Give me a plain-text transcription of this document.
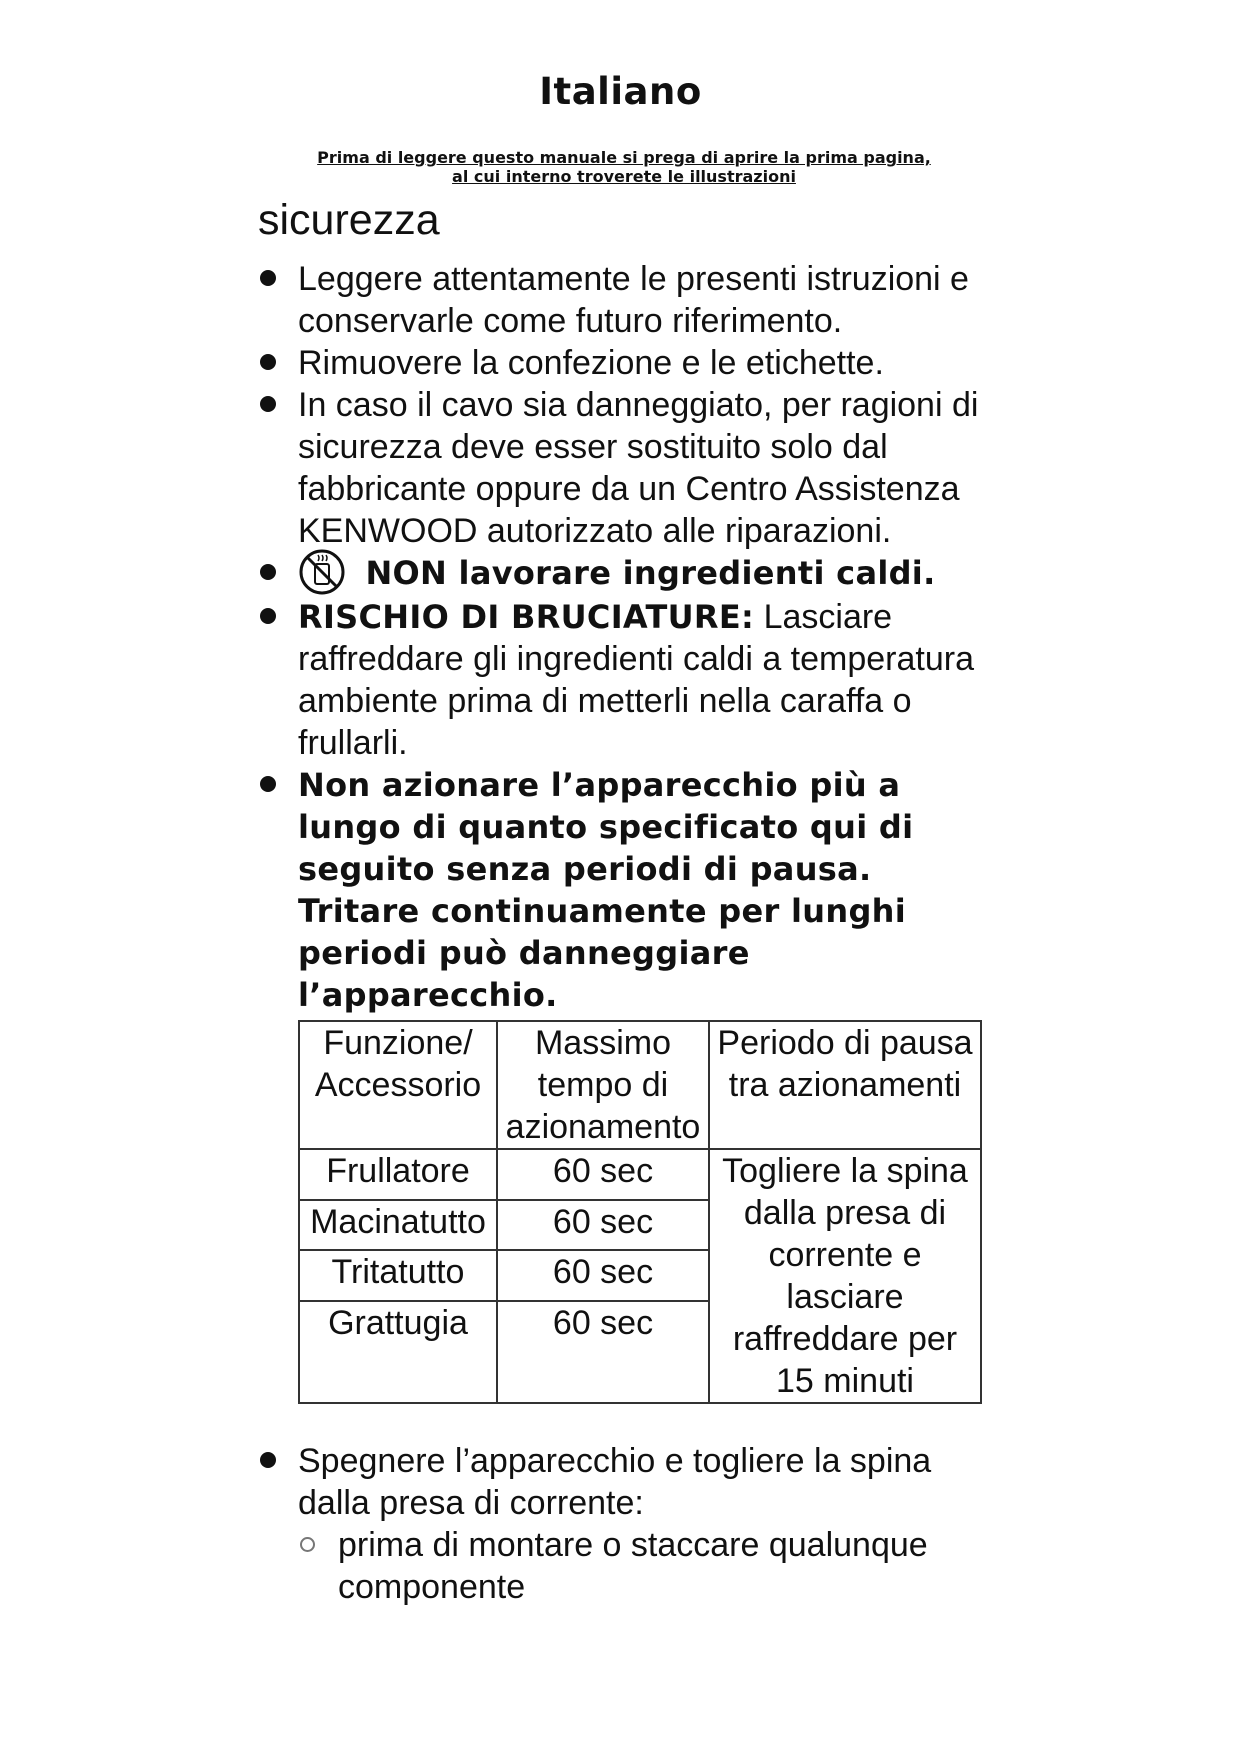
Italiano
Prima di leggere questo manuale si prega di aprire la prima pagina,
al cui interno troverete le illustrazioni
sicurezza
Leggere attentamente le presenti istruzioni e conservarle come futuro riferimento.
Rimuovere la confezione e le etichette.
In caso il cavo sia danneggiato, per ragioni di sicurezza deve esser sostituito solo dal fabbricante oppure da un Centro Assistenza KENWOOD autorizzato alle riparazioni.
NON lavorare ingredienti caldi.
RISCHIO DI BRUCIATURE: Lasciare raffreddare gli ingredienti caldi a temperatura ambiente prima di metterli nella caraffa o frullarli.
Non azionare l’apparecchio più a lungo di quanto specificato qui di seguito senza periodi di pausa. Tritare continuamente per lunghi periodi può danneggiare l’apparecchio.
Funzione/ Accessorio	Massimo tempo di azionamento	Periodo di pausa tra azionamenti
Frullatore	60 sec	Togliere la spina dalla presa di corrente e lasciare raffreddare per 15 minuti
Macinatutto	60 sec	
Tritatutto	60 sec	
Grattugia	60 sec	
Spegnere l’apparecchio e togliere la spina dalla presa di corrente:
prima di montare o staccare qualunque componente
